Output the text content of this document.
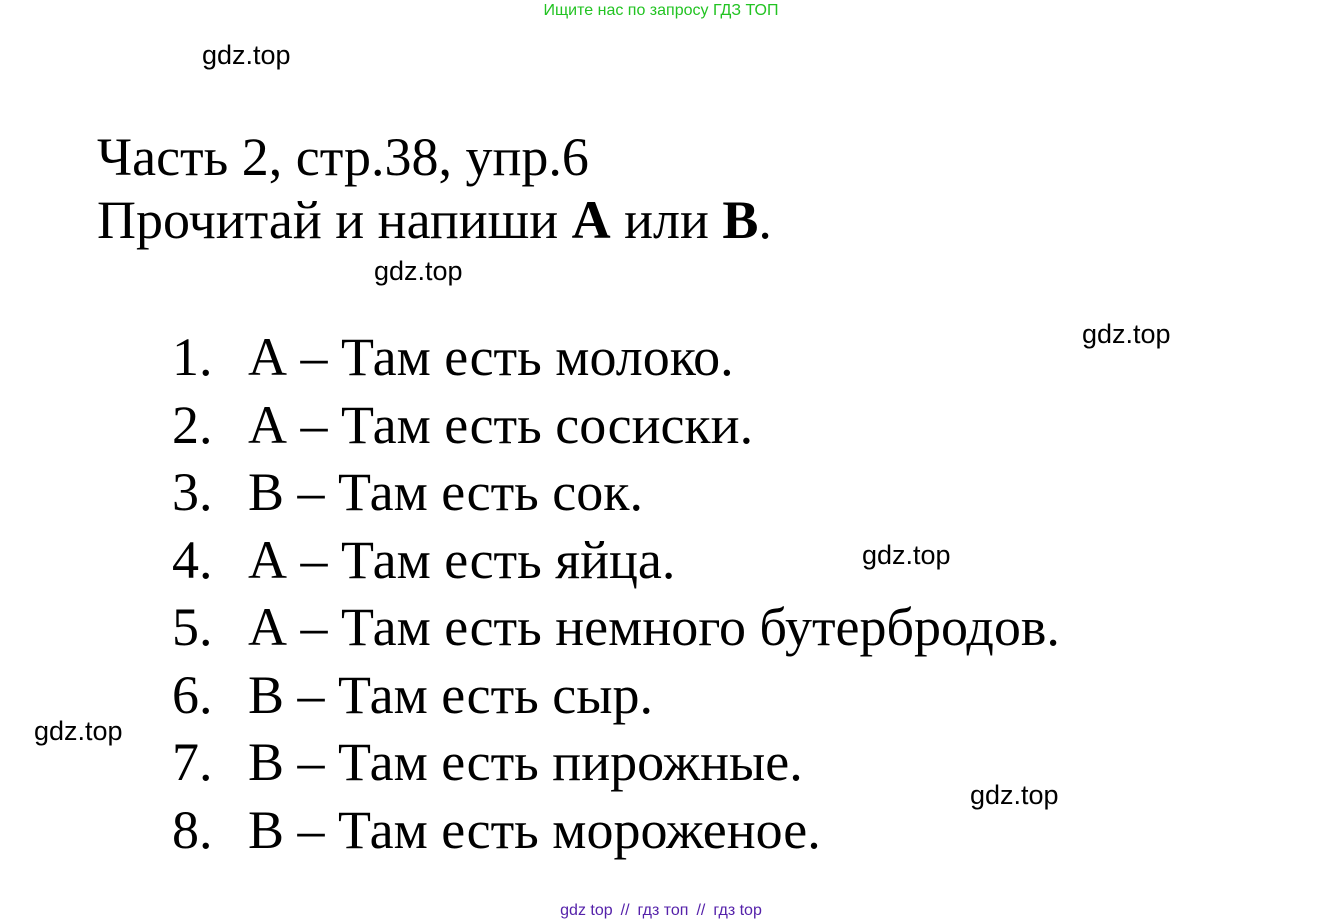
Ищите нас по запросу ГДЗ ТОП
gdz.top
Часть 2, стр.38, упр.6
Прочитай и напиши А или В.
gdz.top
gdz.top
gdz.top
gdz.top
gdz.top
1. А – Там есть молоко.
2. А – Там есть сосиски.
3. В – Там есть сок.
4. А – Там есть яйца.
5. А – Там есть немного бутербродов.
6. В – Там есть сыр.
7. В – Там есть пирожные.
8. В – Там есть мороженое.
gdz top // гдз топ // гдз top
